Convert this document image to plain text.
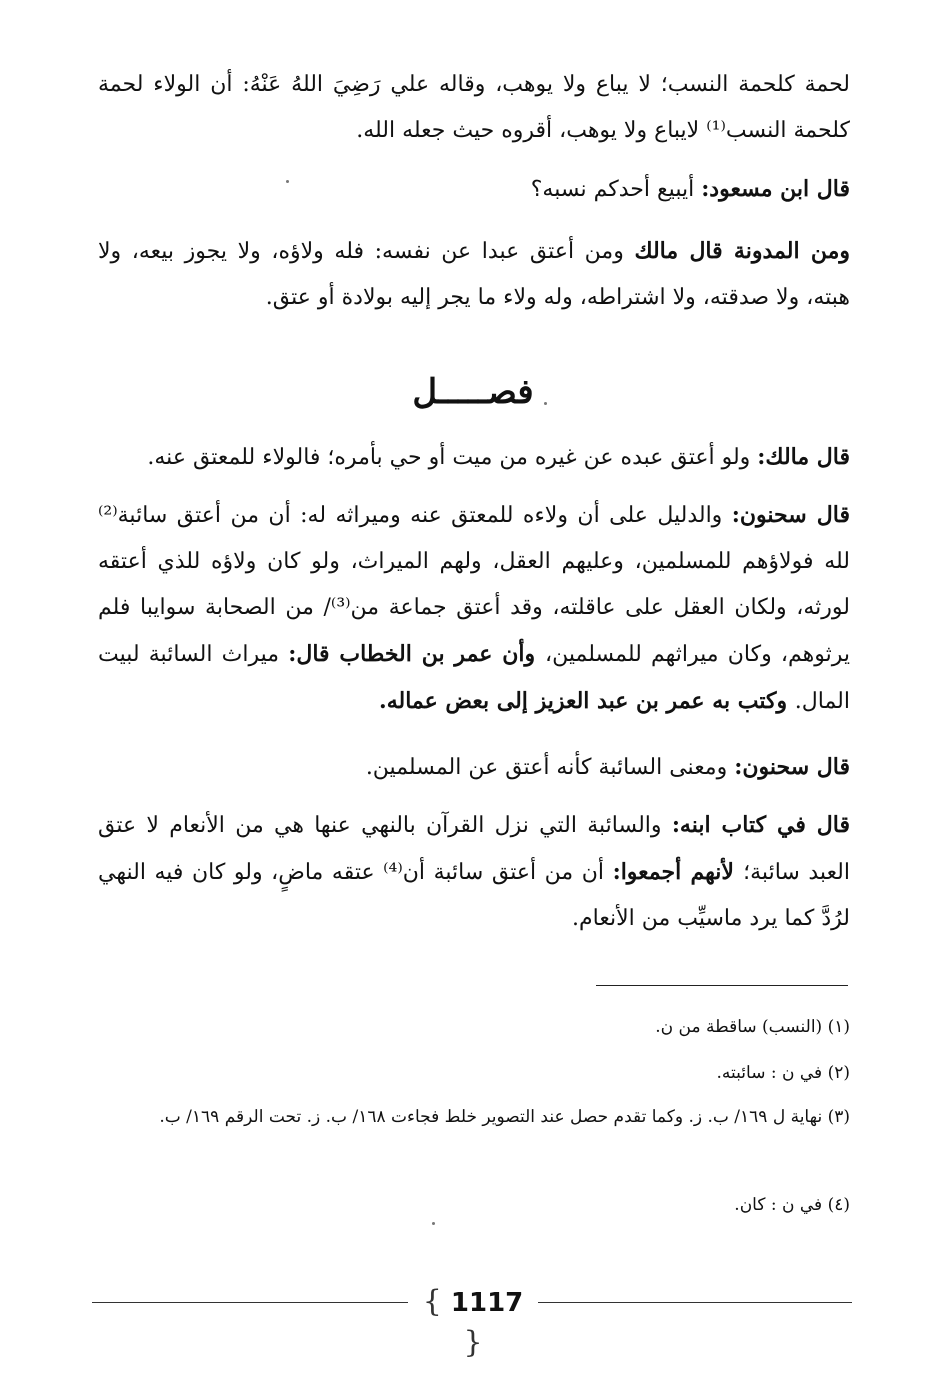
لحمة كلحمة النسب؛ لا يباع ولا يوهب، وقاله علي رَضِيَ اللهُ عَنْهُ: أن الولاء لحمة كلحمة النسب⁽¹⁾ لايباع ولا يوهب، أقروه حيث جعله الله.
قال ابن مسعود: أيبيع أحدكم نسبه؟
ومن المدونة قال مالك ومن أعتق عبدا عن نفسه: فله ولاؤه، ولا يجوز بيعه، ولا هبته، ولا صدقته، ولا اشتراطه، وله ولاء ما يجر إليه بولادة أو عتق.
فصـــــل
قال مالك: ولو أعتق عبده عن غيره من ميت أو حي بأمره؛ فالولاء للمعتق عنه.
قال سحنون: والدليل على أن ولاءه للمعتق عنه وميراثه له: أن من أعتق سائبة⁽²⁾ لله فولاؤهم للمسلمين، وعليهم العقل، ولهم الميراث، ولو كان ولاؤه للذي أعتقه لورثه، ولكان العقل على عاقلته، وقد أعتق جماعة من⁽³⁾/ من الصحابة سوايبا فلم يرثوهم، وكان ميراثهم للمسلمين، وأن عمر بن الخطاب قال: ميراث السائبة لبيت المال. وكتب به عمر بن عبد العزيز إلى بعض عماله.
قال سحنون: ومعنى السائبة كأنه أعتق عن المسلمين.
قال في كتاب ابنه: والسائبة التي نزل القرآن بالنهي عنها هي من الأنعام لا عتق العبد سائبة؛ لأنهم أجمعوا: أن من أعتق سائبة أن⁽⁴⁾ عتقه ماضٍ، ولو كان فيه النهي لرُدَّ كما يرد ماسيِّب من الأنعام.
(١) (النسب) ساقطة من ن.
(٢) في ن : سائبته.
(٣) نهاية ل ١٦٩/ ب. ز. وكما تقدم حصل عند التصوير خلط فجاءت ١٦٨/ ب. ز. تحت الرقم ١٦٩/ ب.
(٤) في ن : كان.
{ 1117 }
